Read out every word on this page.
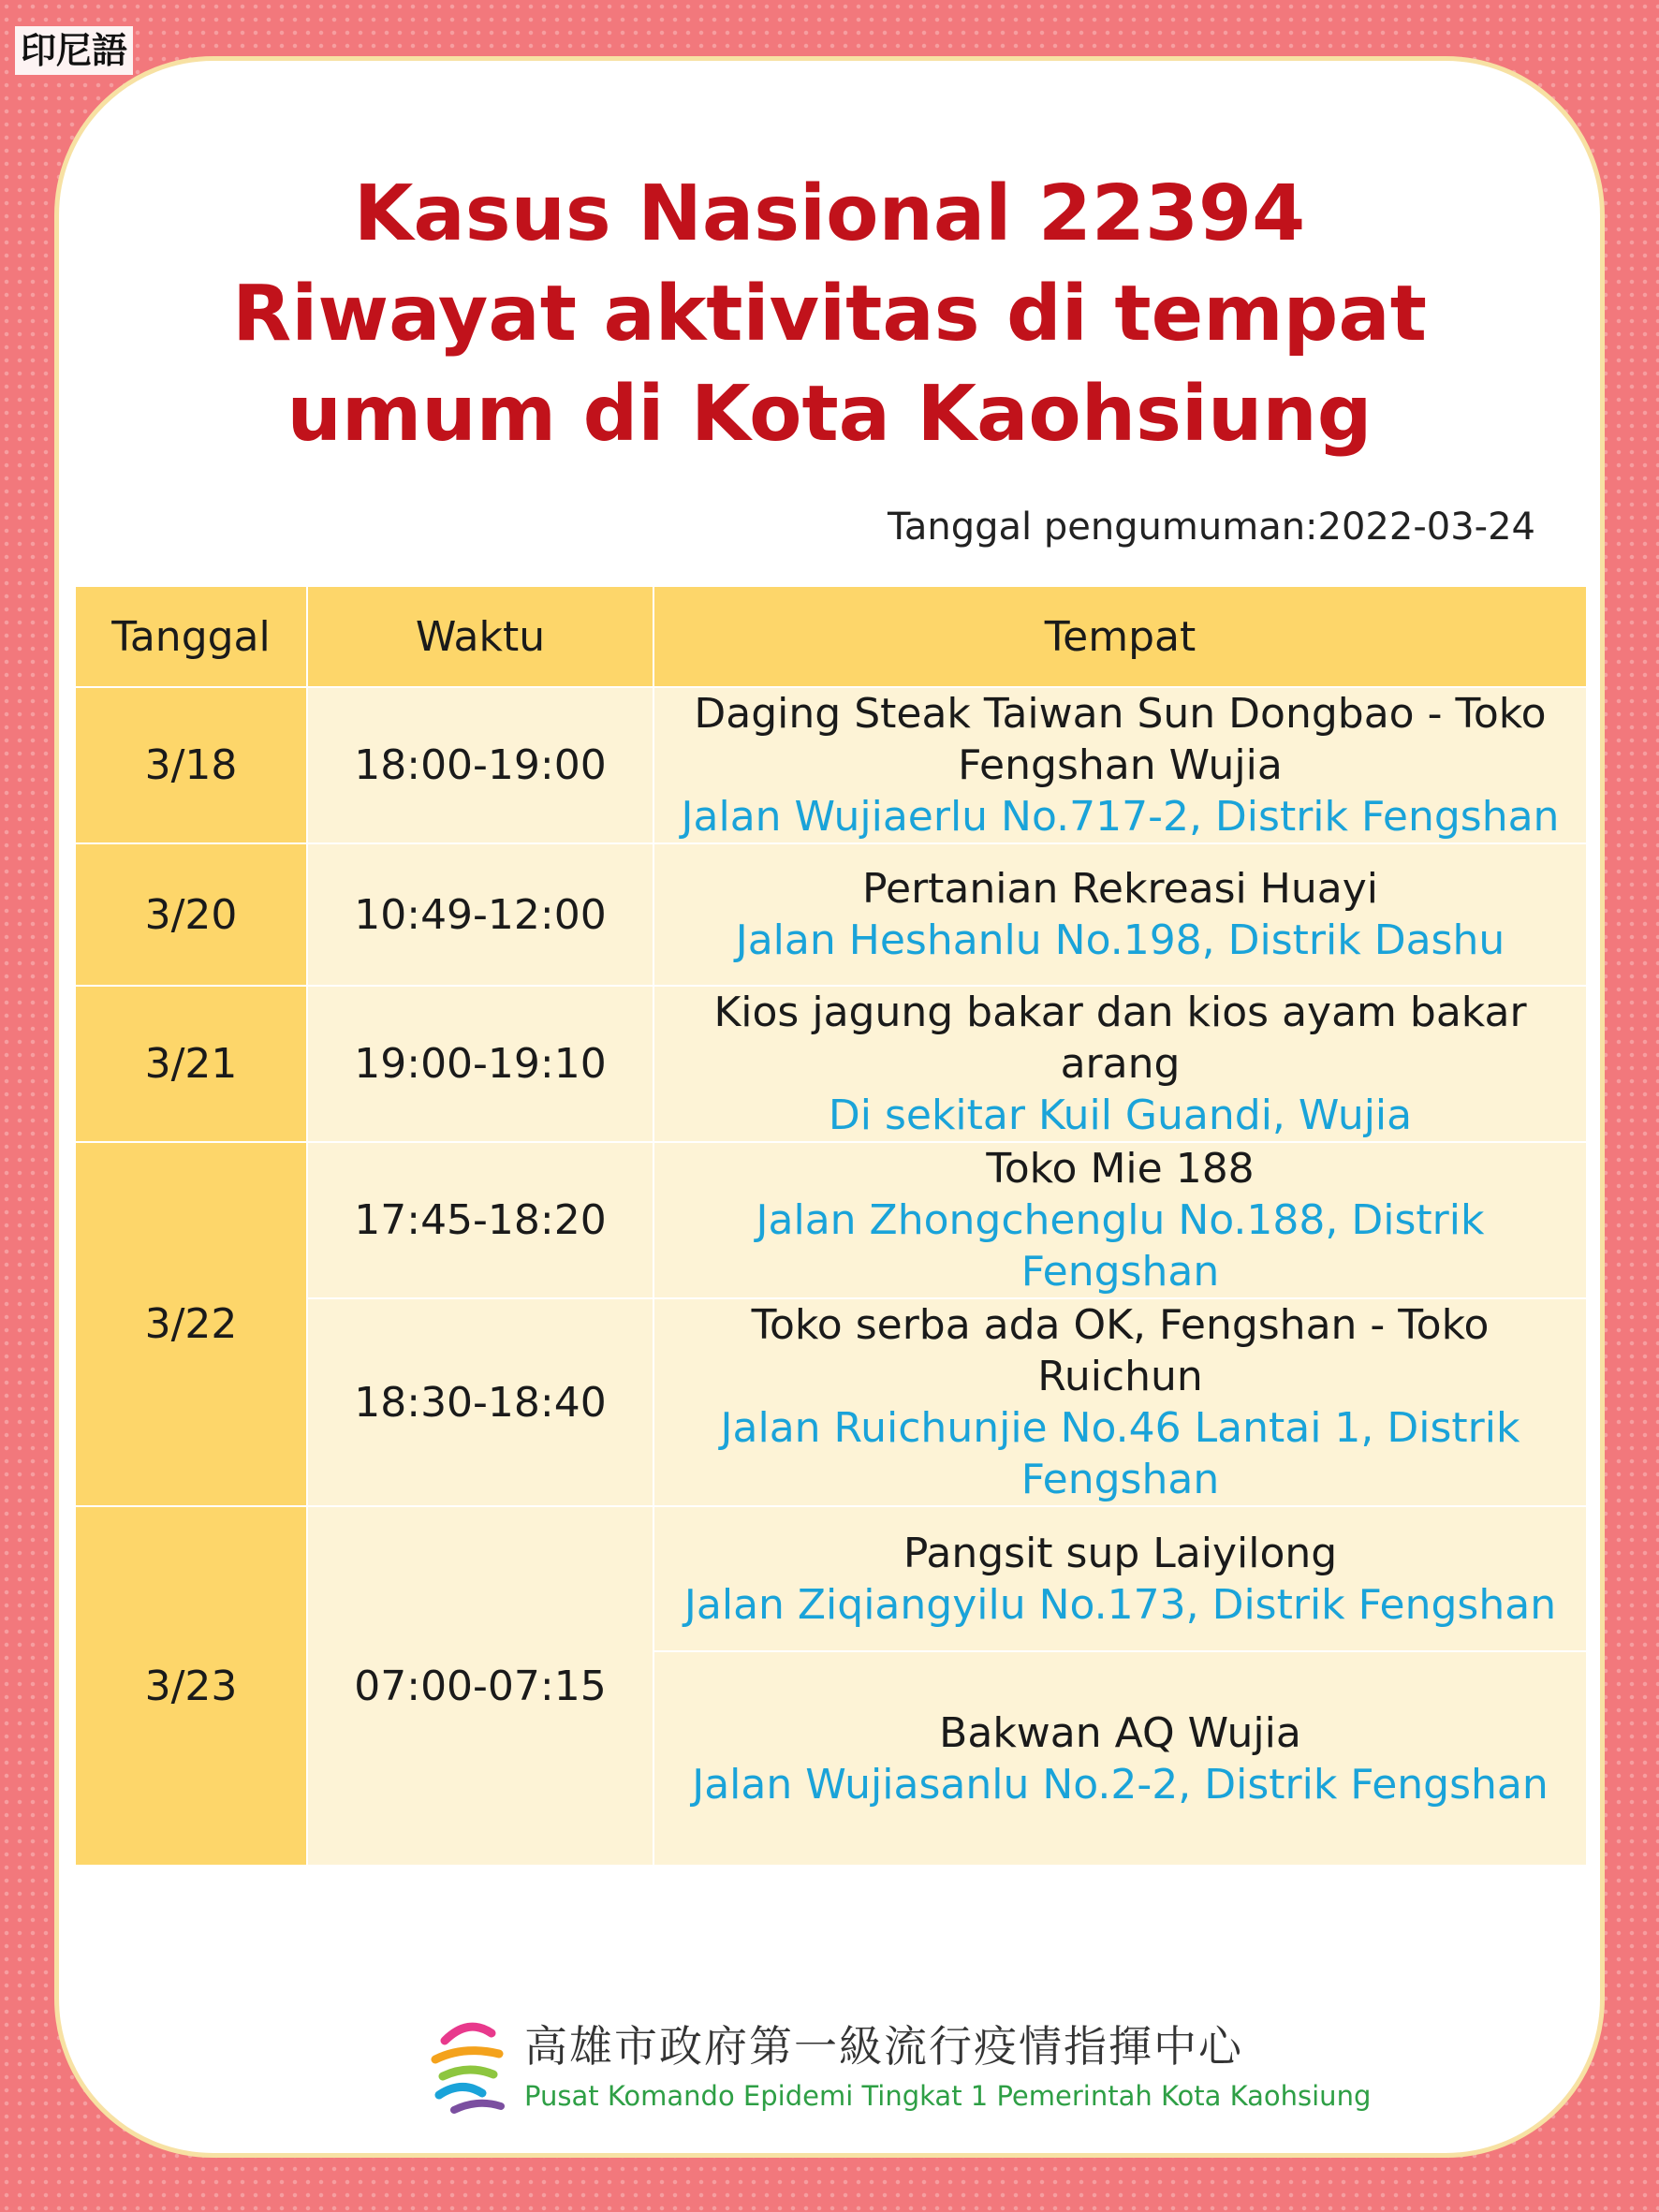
印尼語
Kasus Nasional 22394
Riwayat aktivitas di tempat
umum di Kota Kaohsiung
Tanggal pengumuman:2022-03-24
Tanggal	Waktu	Tempat
3/18	18:00-19:00	Daging Steak Taiwan Sun Dongbao - Toko Fengshan Wujia
Jalan Wujiaerlu No.717-2, Distrik Fengshan

3/20	10:49-12:00	Pertanian Rekreasi Huayi
Jalan Heshanlu No.198, Distrik Dashu

3/21	19:00-19:10	Kios jagung bakar dan kios ayam bakar arang
Di sekitar Kuil Guandi, Wujia

3/22	17:45-18:20	Toko Mie 188
Jalan Zhongchenglu No.188, Distrik Fengshan

	18:30-18:40	Toko serba ada OK, Fengshan - Toko Ruichun
Jalan Ruichunjie No.46 Lantai 1, Distrik Fengshan

3/23	07:00-07:15	Pangsit sup Laiyilong
Jalan Ziqiangyilu No.173, Distrik Fengshan

		Bakwan AQ Wujia
Jalan Wujiasanlu No.2-2, Distrik Fengshan
高雄市政府第一級流行疫情指揮中心
Pusat Komando Epidemi Tingkat 1 Pemerintah Kota Kaohsiung
